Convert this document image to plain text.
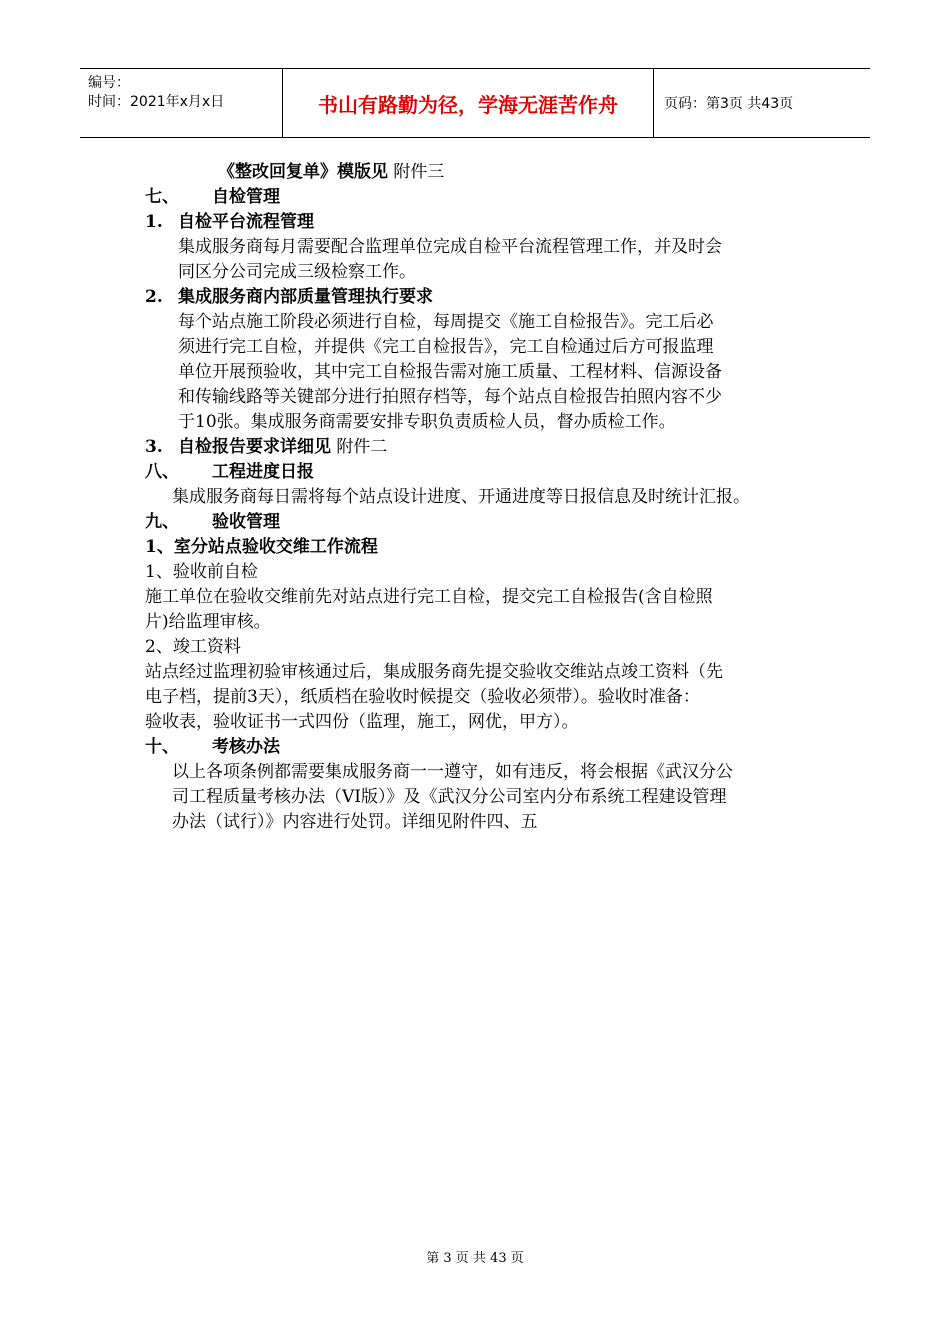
编号：
时间：2021年x月x日	书山有路勤为径，学海无涯苦作舟	页码：第3页 共43页
《整改回复单》模版见 附件三
七、 自检管理
1. 自检平台流程管理
集成服务商每月需要配合监理单位完成自检平台流程管理工作，并及时会
同区分公司完成三级检察工作。
2. 集成服务商内部质量管理执行要求
每个站点施工阶段必须进行自检，每周提交《施工自检报告》。完工后必
须进行完工自检，并提供《完工自检报告》，完工自检通过后方可报监理
单位开展预验收，其中完工自检报告需对施工质量、工程材料、信源设备
和传输线路等关键部分进行拍照存档等，每个站点自检报告拍照内容不少
于10张。集成服务商需要安排专职负责质检人员，督办质检工作。
3. 自检报告要求详细见 附件二
八、 工程进度日报
集成服务商每日需将每个站点设计进度、开通进度等日报信息及时统计汇报。
九、 验收管理
1、室分站点验收交维工作流程
1、验收前自检
施工单位在验收交维前先对站点进行完工自检，提交完工自检报告(含自检照
片)给监理审核。
2、竣工资料
站点经过监理初验审核通过后，集成服务商先提交验收交维站点竣工资料（先
电子档，提前3天），纸质档在验收时候提交（验收必须带）。验收时准备：
验收表，验收证书一式四份（监理，施工，网优，甲方）。
十、 考核办法
以上各项条例都需要集成服务商一一遵守，如有违反，将会根据《武汉分公
司工程质量考核办法（VI版）》及《武汉分公司室内分布系统工程建设管理
办法（试行）》内容进行处罚。详细见附件四、五
第 3 页 共 43 页
